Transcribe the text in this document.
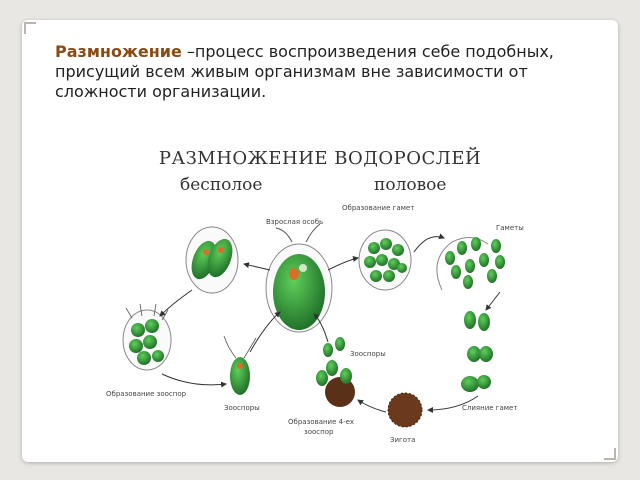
Размножение –процесс воспроизведения себе подобных, присущий всем живым организмам вне зависимости от сложности организации.
РАЗМНОЖЕНИЕ ВОДОРОСЛЕЙ
бесполое	половое
Взрослая особь
Образование гамет
Гаметы
Зооспоры
Образование зооспор
Зооспоры
Образование 4-ех
зооспор
Слияние гамет
Зигота
